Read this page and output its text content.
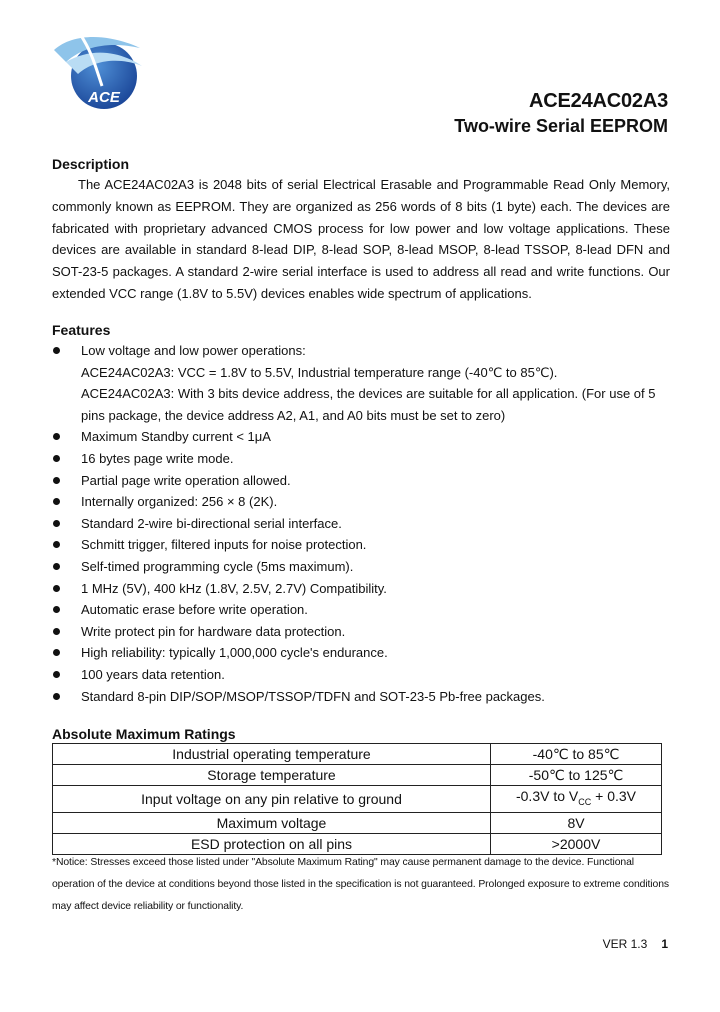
ACE	ACE24AC02A3
Two-wire Serial EEPROM
Description

The ACE24AC02A3 is 2048 bits of serial Electrical Erasable and Programmable Read Only Memory, commonly known as EEPROM. They are organized as 256 words of 8 bits (1 byte) each. The devices are fabricated with proprietary advanced CMOS process for low power and low voltage applications. These devices are available in standard 8-lead DIP, 8-lead SOP, 8-lead MSOP, 8-lead TSSOP, 8-lead DFN and SOT-23-5 packages. A standard 2-wire serial interface is used to address all read and write functions. Our extended VCC range (1.8V to 5.5V) devices enables wide spectrum of applications.

Features
Low voltage and low power operations:
ACE24AC02A3: VCC = 1.8V to 5.5V, Industrial temperature range (-40℃ to 85℃).
ACE24AC02A3: With 3 bits device address, the devices are suitable for all application. (For use of 5 pins package, the device address A2, A1, and A0 bits must be set to zero)
Maximum Standby current < 1μA
16 bytes page write mode.
Partial page write operation allowed.
Internally organized: 256 × 8 (2K).
Standard 2-wire bi-directional serial interface.
Schmitt trigger, filtered inputs for noise protection.
Self-timed programming cycle (5ms maximum).
1 MHz (5V), 400 kHz (1.8V, 2.5V, 2.7V) Compatibility.
Automatic erase before write operation.
Write protect pin for hardware data protection.
High reliability: typically 1,000,000 cycle's endurance.
100 years data retention.
Standard 8-pin DIP/SOP/MSOP/TSSOP/TDFN and SOT-23-5 Pb-free packages.
Absolute Maximum Ratings
Industrial operating temperature	-40℃ to 85℃
Storage temperature	-50℃ to 125℃
Input voltage on any pin relative to ground	-0.3V to $V_{CC} + 0.3V$
Maximum voltage	8V
ESD protection on all pins	>2000V

*Notice: Stresses exceed those listed under "Absolute Maximum Rating" may cause permanent damage to the device. Functional operation of the device at conditions beyond those listed in the specification is not guaranteed. Prolonged exposure to extreme conditions may affect device reliability or functionality.

VER 1.3 1
